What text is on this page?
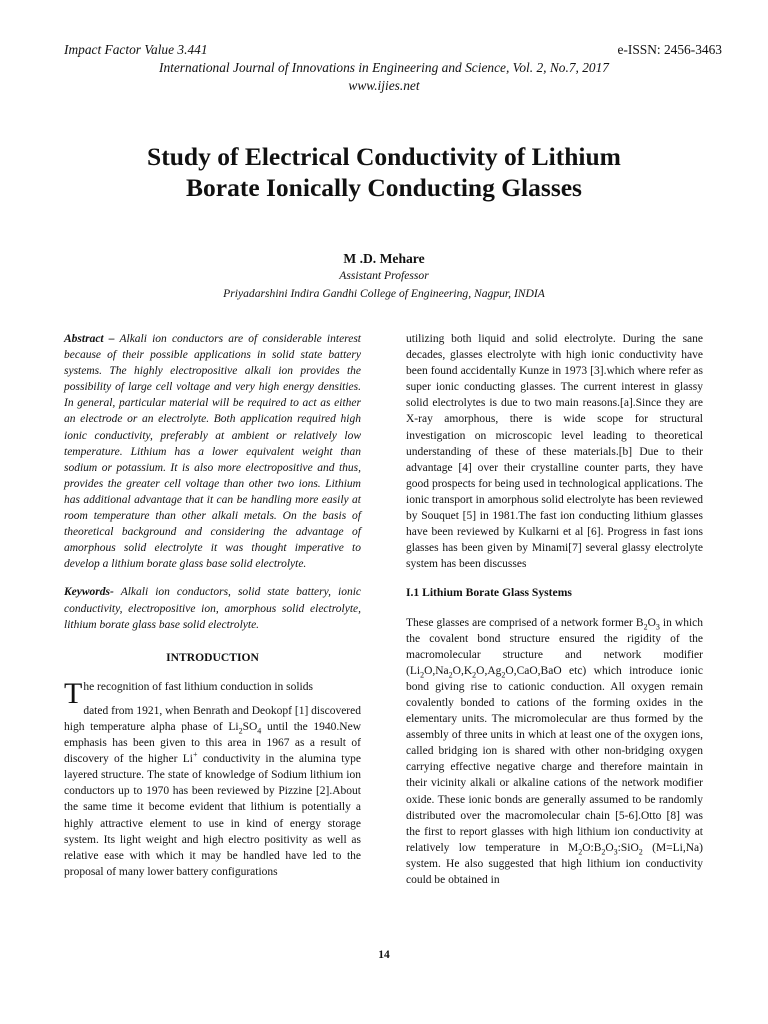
Impact Factor Value 3.441	e-ISSN: 2456-3463
International Journal of Innovations in Engineering and Science, Vol. 2, No.7, 2017
www.ijies.net
Study of Electrical Conductivity of Lithium
Borate Ionically Conducting Glasses
M .D. Mehare
Assistant Professor
Priyadarshini Indira Gandhi College of Engineering, Nagpur, INDIA

Abstract – Alkali ion conductors are of considerable interest because of their possible applications in solid state battery systems. The highly electropositive alkali ion provides the possibility of large cell voltage and very high energy densities. In general, particular material will be required to act as either an electrode or an electrolyte. Both application required high ionic conductivity, preferably at ambient or relatively low temperature. Lithium has a lower equivalent weight than sodium or potassium. It is also more electropositive and thus, provides the greater cell voltage than other two ions. Lithium has additional advantage that it can be handling more easily at room temperature than other alkali metals. On the basis of theoretical background and considering the advantage of amorphous solid electrolyte it was thought imperative to develop a lithium borate glass base solid electrolyte.

Keywords- Alkali ion conductors, solid state battery, ionic conductivity, electropositive ion, amorphous solid electrolyte, lithium borate glass base solid electrolyte.

INTRODUCTION

The recognition of fast lithium conduction in solids
dated from 1921, when Benrath and Deokopf [1] discovered high temperature alpha phase of $Li_2SO_4$ until the 1940.New emphasis has been given to this area in 1967 as a result of discovery of the higher Li+ conductivity in the alumina type layered structure. The state of knowledge of Sodium lithium ion conductors up to 1970 has been reviewed by Pizzine [2].About the same time it become evident that lithium is potentially a highly attractive element to use in kind of energy storage system. Its light weight and high electro positivity as well as relative ease with which it may be handled have led to the proposal of many lower battery configurations

utilizing both liquid and solid electrolyte. During the sane decades, glasses electrolyte with high ionic conductivity have been found accidentally Kunze in 1973 [3].which where refer as super ionic conducting glasses. The current interest in glassy solid electrolytes is due to two main reasons.[a].Since they are X-ray amorphous, there is wide scope for structural investigation on microscopic level leading to theoretical understanding of these of these materials.[b] Due to their advantage [4] over their crystalline counter parts, they have good prospects for being used in technological applications. The ionic transport in amorphous solid electrolyte has been reviewed by Souquet [5] in 1981.The fast ion conducting lithium glasses have been reviewed by Kulkarni et al [6]. Progress in fast ions glasses has been given by Minami[7] several glassy electrolyte system has been discusses

I.1 Lithium Borate Glass Systems

These glasses are comprised of a network former $B_2O_3$ in which the covalent bond structure ensured the rigidity of the macromolecular structure and network modifier ($Li_2O,Na_2O,K_2O,Ag_2O,CaO,BaO$ etc) which introduce ionic bond giving rise to cationic conduction. All oxygen remain covalently bonded to cations of the forming oxides in the elementary units. The micromolecular are thus formed by the assembly of three units in which at least one of the oxygen ions, called bridging ion is shared with other non-bridging oxygen carrying effective negative charge and therefore maintain in their vicinity alkali or alkaline cations of the network modifier oxide. These ionic bonds are generally assumed to be randomly distributed over the macromolecular chain [5-6].Otto [8] was the first to report glasses with high lithium ion conductivity at relatively low temperature in $M_2O:B_2O_3:SiO_2$ (M=Li,Na) system. He also suggested that high lithium ion conductivity could be obtained in

14
